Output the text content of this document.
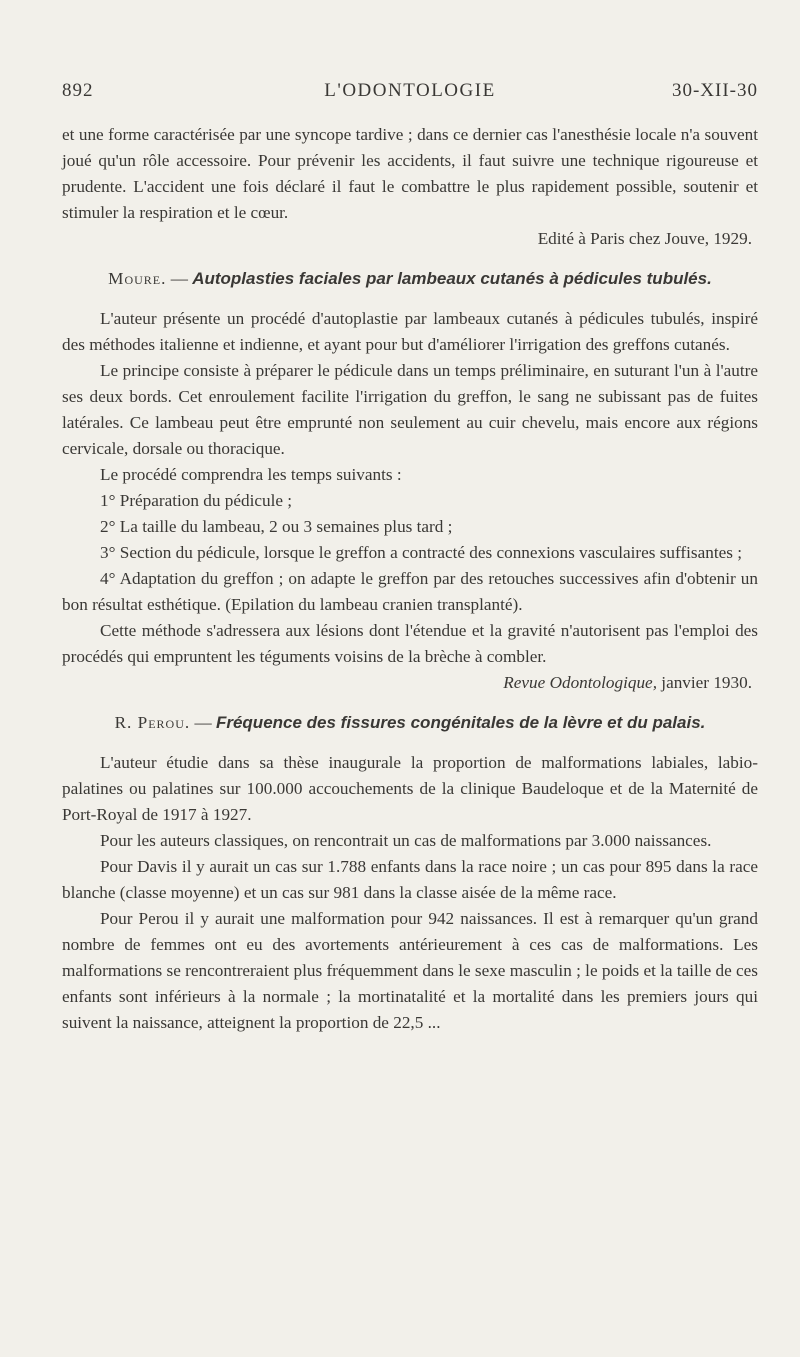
892	L'ODONTOLOGIE	30-XII-30

et une forme caractérisée par une syncope tardive ; dans ce dernier cas l'anesthésie locale n'a souvent joué qu'un rôle accessoire. Pour prévenir les accidents, il faut suivre une technique rigoureuse et prudente. L'accident une fois déclaré il faut le combattre le plus rapidement possible, soutenir et stimuler la respiration et le cœur.

Edité à Paris chez Jouve, 1929.

Moure. — Autoplasties faciales par lambeaux cutanés à pédicules tubulés.

L'auteur présente un procédé d'autoplastie par lambeaux cutanés à pédicules tubulés, inspiré des méthodes italienne et indienne, et ayant pour but d'améliorer l'irrigation des greffons cutanés.

Le principe consiste à préparer le pédicule dans un temps préliminaire, en suturant l'un à l'autre ses deux bords. Cet enroulement facilite l'irrigation du greffon, le sang ne subissant pas de fuites latérales. Ce lambeau peut être emprunté non seulement au cuir chevelu, mais encore aux régions cervicale, dorsale ou thoracique.

Le procédé comprendra les temps suivants :

1° Préparation du pédicule ;

2° La taille du lambeau, 2 ou 3 semaines plus tard ;

3° Section du pédicule, lorsque le greffon a contracté des connexions vasculaires suffisantes ;

4° Adaptation du greffon ; on adapte le greffon par des retouches successives afin d'obtenir un bon résultat esthétique. (Epilation du lambeau cranien transplanté).

Cette méthode s'adressera aux lésions dont l'étendue et la gravité n'autorisent pas l'emploi des procédés qui empruntent les téguments voisins de la brèche à combler.

Revue Odontologique, janvier 1930.

R. Perou. — Fréquence des fissures congénitales de la lèvre et du palais.

L'auteur étudie dans sa thèse inaugurale la proportion de malformations labiales, labio-palatines ou palatines sur 100.000 accouchements de la clinique Baudeloque et de la Maternité de Port-Royal de 1917 à 1927.

Pour les auteurs classiques, on rencontrait un cas de malformations par 3.000 naissances.

Pour Davis il y aurait un cas sur 1.788 enfants dans la race noire ; un cas pour 895 dans la race blanche (classe moyenne) et un cas sur 981 dans la classe aisée de la même race.

Pour Perou il y aurait une malformation pour 942 naissances. Il est à remarquer qu'un grand nombre de femmes ont eu des avortements antérieurement à ces cas de malformations. Les malformations se rencontreraient plus fréquemment dans le sexe masculin ; le poids et la taille de ces enfants sont inférieurs à la normale ; la mortinatalité et la mortalité dans les premiers jours qui suivent la naissance, atteignent la proportion de 22,5 ...
